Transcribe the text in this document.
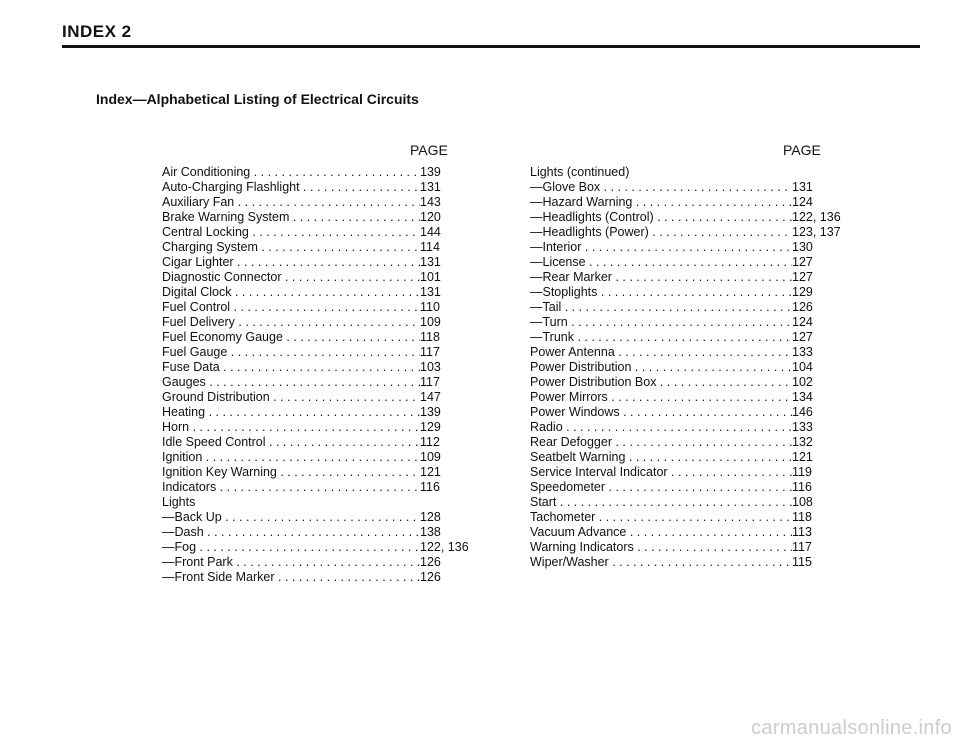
INDEX 2
Index—Alphabetical Listing of Electrical Circuits
PAGE
Air Conditioning . . .	139
Auto-Charging Flashlight . . .	131
Auxiliary Fan . . .	143
Brake Warning System . . .	120
Central Locking . . .	144
Charging System . . .	114
Cigar Lighter . . .	131
Diagnostic Connector . . .	101
Digital Clock . . .	131
Fuel Control . . .	110
Fuel Delivery . . .	109
Fuel Economy Gauge . . .	118
Fuel Gauge . . .	117
Fuse Data . . .	103
Gauges . . .	117
Ground Distribution . . .	147
Heating . . .	139
Horn . . .	129
Idle Speed Control . . .	112
Ignition . . .	109
Ignition Key Warning . . .	121
Indicators . . .	116
Lights
—Back Up . . .	128
—Dash . . .	138
—Fog . . .	122, 136
—Front Park . . .	126
—Front Side Marker . . .	126
PAGE
Lights (continued)
—Glove Box . . .	131
—Hazard Warning . . .	124
—Headlights (Control) . . .	122, 136
—Headlights (Power) . . .	123, 137
—Interior . . .	130
—License . . .	127
—Rear Marker . . .	127
—Stoplights . . .	129
—Tail . . .	126
—Turn . . .	124
—Trunk . . .	127
Power Antenna . . .	133
Power Distribution . . .	104
Power Distribution Box . . .	102
Power Mirrors . . .	134
Power Windows . . .	146
Radio . . .	133
Rear Defogger . . .	132
Seatbelt Warning . . .	121
Service Interval Indicator . . .	119
Speedometer . . .	116
Start . . .	108
Tachometer . . .	118
Vacuum Advance . . .	113
Warning Indicators . . .	117
Wiper/Washer . . .	115
carmanualsonline.info
